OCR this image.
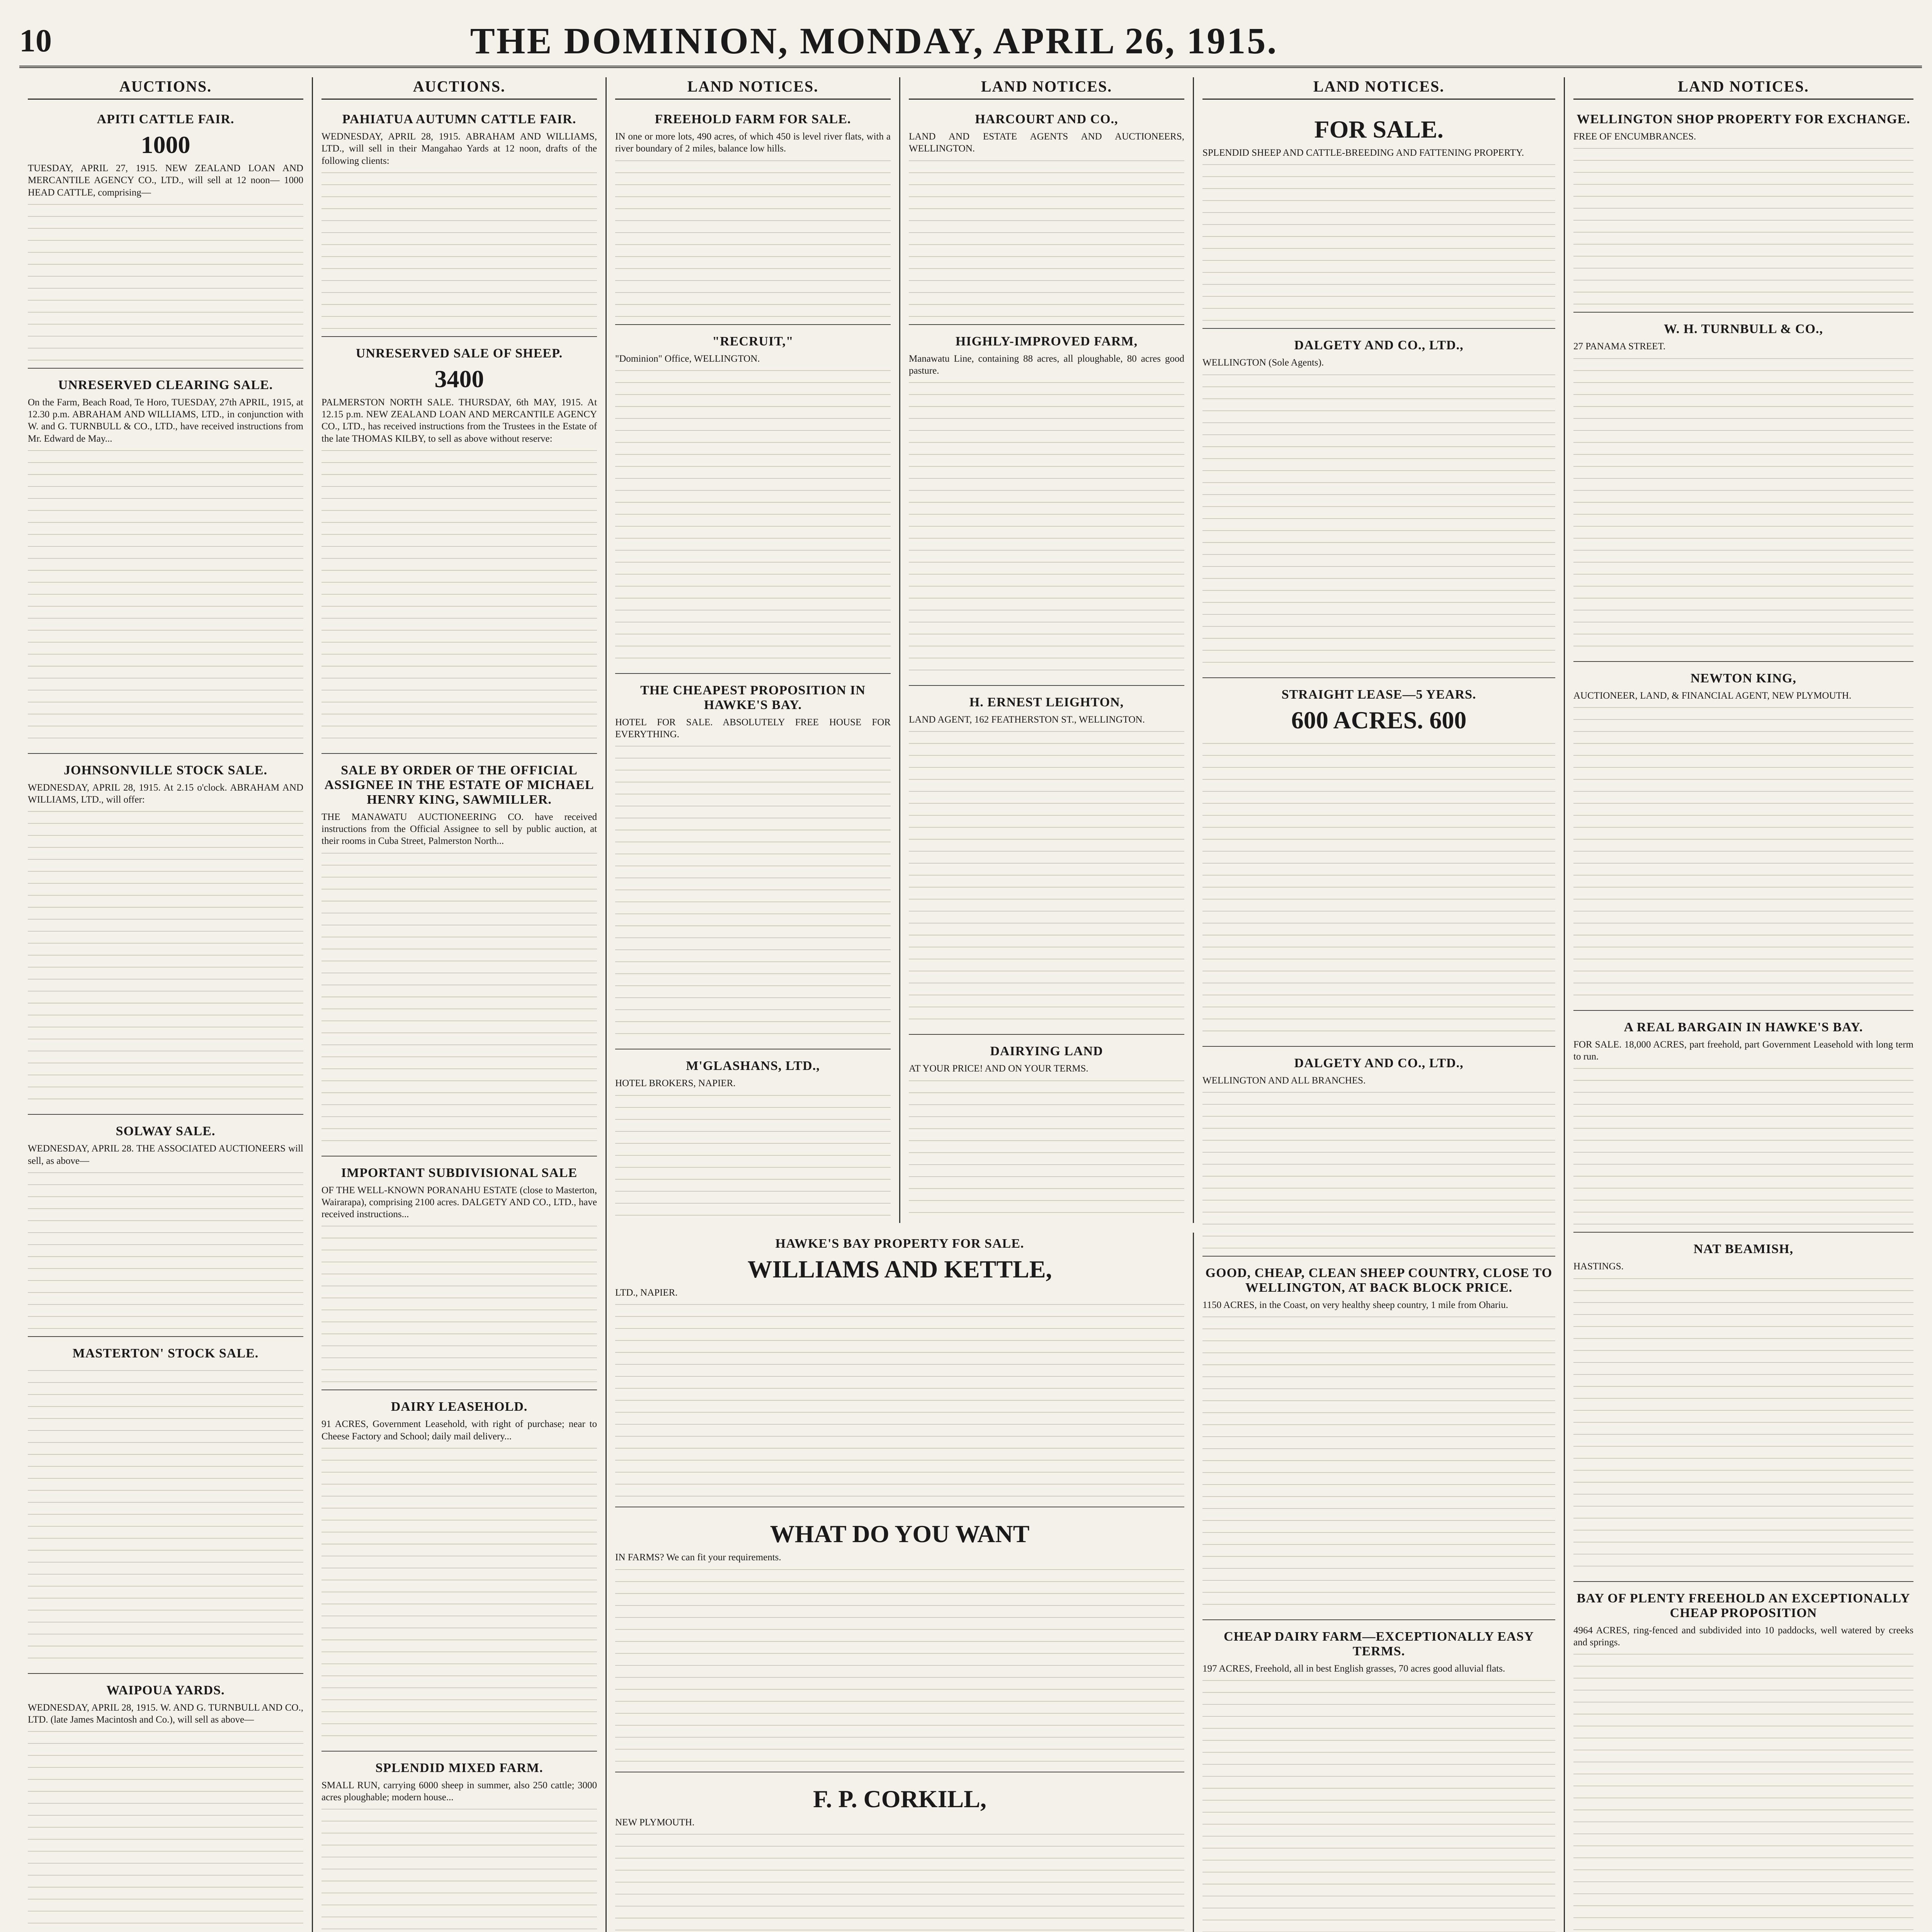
10	THE DOMINION, MONDAY, APRIL 26, 1915.
AUCTIONS.
APITI CATTLE FAIR.
1000

TUESDAY, APRIL 27, 1915. NEW ZEALAND LOAN AND MERCANTILE AGENCY CO., LTD., will sell at 12 noon— 1000 HEAD CATTLE, comprising—

UNRESERVED CLEARING SALE.

On the Farm, Beach Road, Te Horo, TUESDAY, 27th APRIL, 1915, at 12.30 p.m. ABRAHAM AND WILLIAMS, LTD., in conjunction with W. and G. TURNBULL & CO., LTD., have received instructions from Mr. Edward de May...

JOHNSONVILLE STOCK SALE.

WEDNESDAY, APRIL 28, 1915. At 2.15 o'clock. ABRAHAM AND WILLIAMS, LTD., will offer:

SOLWAY SALE.

WEDNESDAY, APRIL 28. THE ASSOCIATED AUCTIONEERS will sell, as above—

MASTERTON' STOCK SALE.
WAIPOUA YARDS.

WEDNESDAY, APRIL 28, 1915. W. AND G. TURNBULL AND CO., LTD. (late James Macintosh and Co.), will sell as above—

AUCTIONS.
PAHIATUA AUTUMN CATTLE FAIR.

WEDNESDAY, APRIL 28, 1915. ABRAHAM AND WILLIAMS, LTD., will sell in their Mangahao Yards at 12 noon, drafts of the following clients:

UNRESERVED SALE OF SHEEP.
3400

PALMERSTON NORTH SALE. THURSDAY, 6th MAY, 1915. At 12.15 p.m. NEW ZEALAND LOAN AND MERCANTILE AGENCY CO., LTD., has received instructions from the Trustees in the Estate of the late THOMAS KILBY, to sell as above without reserve:

SALE BY ORDER OF THE OFFICIAL ASSIGNEE IN THE ESTATE OF MICHAEL HENRY KING, SAWMILLER.

THE MANAWATU AUCTIONEERING CO. have received instructions from the Official Assignee to sell by public auction, at their rooms in Cuba Street, Palmerston North...

IMPORTANT SUBDIVISIONAL SALE

OF THE WELL-KNOWN PORANAHU ESTATE (close to Masterton, Wairarapa), comprising 2100 acres. DALGETY AND CO., LTD., have received instructions...

DAIRY LEASEHOLD.

91 ACRES, Government Leasehold, with right of purchase; near to Cheese Factory and School; daily mail delivery...

SPLENDID MIXED FARM.

SMALL RUN, carrying 6000 sheep in summer, also 250 cattle; 3000 acres ploughable; modern house...

LAND NOTICES.
FREEHOLD FARM FOR SALE.

IN one or more lots, 490 acres, of which 450 is level river flats, with a river boundary of 2 miles, balance low hills.

"RECRUIT,"

"Dominion" Office, WELLINGTON.

THE CHEAPEST PROPOSITION IN HAWKE'S BAY.

HOTEL FOR SALE. ABSOLUTELY FREE HOUSE FOR EVERYTHING.

M'GLASHANS, LTD.,

HOTEL BROKERS, NAPIER.

LAND NOTICES.
HARCOURT AND CO.,

LAND AND ESTATE AGENTS AND AUCTIONEERS, WELLINGTON.

HIGHLY-IMPROVED FARM,

Manawatu Line, containing 88 acres, all ploughable, 80 acres good pasture.

H. ERNEST LEIGHTON,

LAND AGENT, 162 FEATHERSTON ST., WELLINGTON.

DAIRYING LAND

AT YOUR PRICE! AND ON YOUR TERMS.

HAWKE'S BAY PROPERTY FOR SALE.
WILLIAMS AND KETTLE,

LTD., NAPIER.

WHAT DO YOU WANT

IN FARMS? We can fit your requirements.

F. P. CORKILL,

NEW PLYMOUTH.

LAND NOTICES.
FOR SALE.

SPLENDID SHEEP AND CATTLE-BREEDING AND FATTENING PROPERTY.

DALGETY AND CO., LTD.,

WELLINGTON (Sole Agents).

STRAIGHT LEASE—5 YEARS.
600 ACRES. 600
DALGETY AND CO., LTD.,

WELLINGTON AND ALL BRANCHES.

GOOD, CHEAP, CLEAN SHEEP COUNTRY, CLOSE TO WELLINGTON, AT BACK BLOCK PRICE.

1150 ACRES, in the Coast, on very healthy sheep country, 1 mile from Ohariu.

CHEAP DAIRY FARM—EXCEPTIONALLY EASY TERMS.

197 ACRES, Freehold, all in best English grasses, 70 acres good alluvial flats.

LAND NOTICES.
WELLINGTON SHOP PROPERTY FOR EXCHANGE.

FREE OF ENCUMBRANCES.

W. H. TURNBULL & CO.,

27 PANAMA STREET.

NEWTON KING,

AUCTIONEER, LAND, & FINANCIAL AGENT, NEW PLYMOUTH.

A REAL BARGAIN IN HAWKE'S BAY.

FOR SALE. 18,000 ACRES, part freehold, part Government Leasehold with long term to run.

NAT BEAMISH,

HASTINGS.

BAY OF PLENTY FREEHOLD AN EXCEPTIONALLY CHEAP PROPOSITION

4964 ACRES, ring-fenced and subdivided into 10 paddocks, well watered by creeks and springs.
